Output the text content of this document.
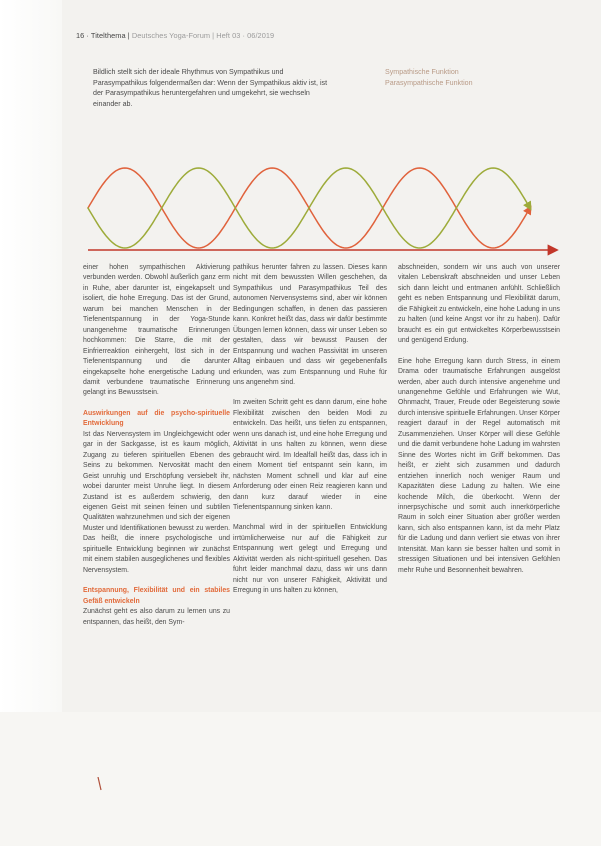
16 · Titelthema | Deutsches Yoga-Forum | Heft 03 · 06/2019
Bildlich stellt sich der ideale Rhythmus von Sympathikus und Parasympathikus folgendermaßen dar: Wenn der Sympathikus aktiv ist, ist der Parasympathikus heruntergefahren und umgekehrt, sie wechseln einander ab.
Sympathische Funktion
Parasympathische Funktion

einer hohen sympathischen Aktivierung verbunden werden. Obwohl äußerlich ganz erm in Ruhe, aber darunter ist, eingekapselt und isoliert, die hohe Erregung. Das ist der Grund, warum bei manchen Menschen in der Tiefenentspannung in der Yoga-Stunde unangenehme traumatische Erinnerungen hochkommen: Die Starre, die mit der Einfrierreaktion einhergeht, löst sich in der Tiefenentspannung und die darunter eingekapselte hohe energetische Ladung und damit verbundene traumatische Erinnerung gelangt ins Bewusstsein.

Auswirkungen auf die psycho-spirituelle Entwicklung

Ist das Nervensystem im Ungleichgewicht oder gar in der Sackgasse, ist es kaum möglich, Zugang zu tieferen spirituellen Ebenen des Seins zu bekommen. Nervosität macht den Geist unruhig und Erschöpfung versiebelt ihr, wobei darunter meist Unruhe liegt. In diesem Zustand ist es außerdem schwierig, den eigenen Geist mit seinen feinen und subtilen Qualitäten wahrzunehmen und sich der eigenen Muster und Identifikationen bewusst zu werden. Das heißt, die innere psychologische und spirituelle Entwicklung beginnen wir zunächst mit einem stabilen ausgeglichenes und flexibles Nervensystem.

Entspannung, Flexibilität und ein stabiles Gefäß entwickeln

Zunächst geht es also darum zu lernen uns zu entspannen, das heißt, den Sym-

pathikus herunter fahren zu lassen. Dieses kann nicht mit dem bewussten Willen geschehen, da Sympathikus und Parasympathikus Teil des autonomen Nervensystems sind, aber wir können Bedingungen schaffen, in denen das passieren kann. Konkret heißt das, dass wir dafür bestimmte Übungen lernen können, dass wir unser Leben so gestalten, dass wir bewusst Pausen der Entspannung und wachen Passivität im unseren Alltag einbauen und dass wir gegebenenfalls erkunden, was zum Entspannung und Ruhe für uns angenehm sind.

Im zweiten Schritt geht es dann darum, eine hohe Flexibilität zwischen den beiden Modi zu entwickeln. Das heißt, uns tiefen zu entspannen, wenn uns danach ist, und eine hohe Erregung und Aktivität in uns halten zu können, wenn diese gebraucht wird. Im Idealfall heißt das, dass ich in einem Moment tief entspannt sein kann, im nächsten Moment schnell und klar auf eine Anforderung oder einen Reiz reagieren kann und dann kurz darauf wieder in eine Tiefenentspannung sinken kann.

Manchmal wird in der spirituellen Entwicklung irrtümlicherweise nur auf die Fähigkeit zur Entspannung wert gelegt und Erregung und Aktivität werden als nicht-spirituell gesehen. Das führt leider manchmal dazu, dass wir uns dann nicht nur von unserer Fähigkeit, Aktivität und Erregung in uns halten zu können,

abschneiden, sondern wir uns auch von unserer vitalen Lebenskraft abschneiden und unser Leben sich dann leicht und entmanen anfühlt. Schließlich geht es neben Entspannung und Flexibilität darum, die Fähigkeit zu entwickeln, eine hohe Ladung in uns zu halten (und keine Angst vor ihr zu haben). Dafür braucht es ein gut entwickeltes Körperbewusstsein und genügend Erdung.

Eine hohe Erregung kann durch Stress, in einem Drama oder traumatische Erfahrungen ausgelöst werden, aber auch durch intensive angenehme und unangenehme Gefühle und Erfahrungen wie Wut, Ohnmacht, Trauer, Freude oder Begeisterung sowie durch intensive spirituelle Erfahrungen. Unser Körper reagiert darauf in der Regel automatisch mit Zusammenziehen. Unser Körper will diese Gefühle und die damit verbundene hohe Ladung im wahrsten Sinne des Wortes nicht im Griff bekommen. Das heißt, er zieht sich zusammen und dadurch entziehen innerlich noch weniger Raum und Kapazitäten diese Ladung zu halten. Wie eine kochende Milch, die überkocht. Wenn der innerpsychische und somit auch innerkörperliche Raum in solch einer Situation aber größer werden kann, sich also entspannen kann, ist da mehr Platz für die Ladung und dann verliert sie etwas von ihrer Intensität. Man kann sie besser halten und somit in stressigen Situationen und bei intensiven Gefühlen mehr Ruhe und Besonnenheit bewahren.
